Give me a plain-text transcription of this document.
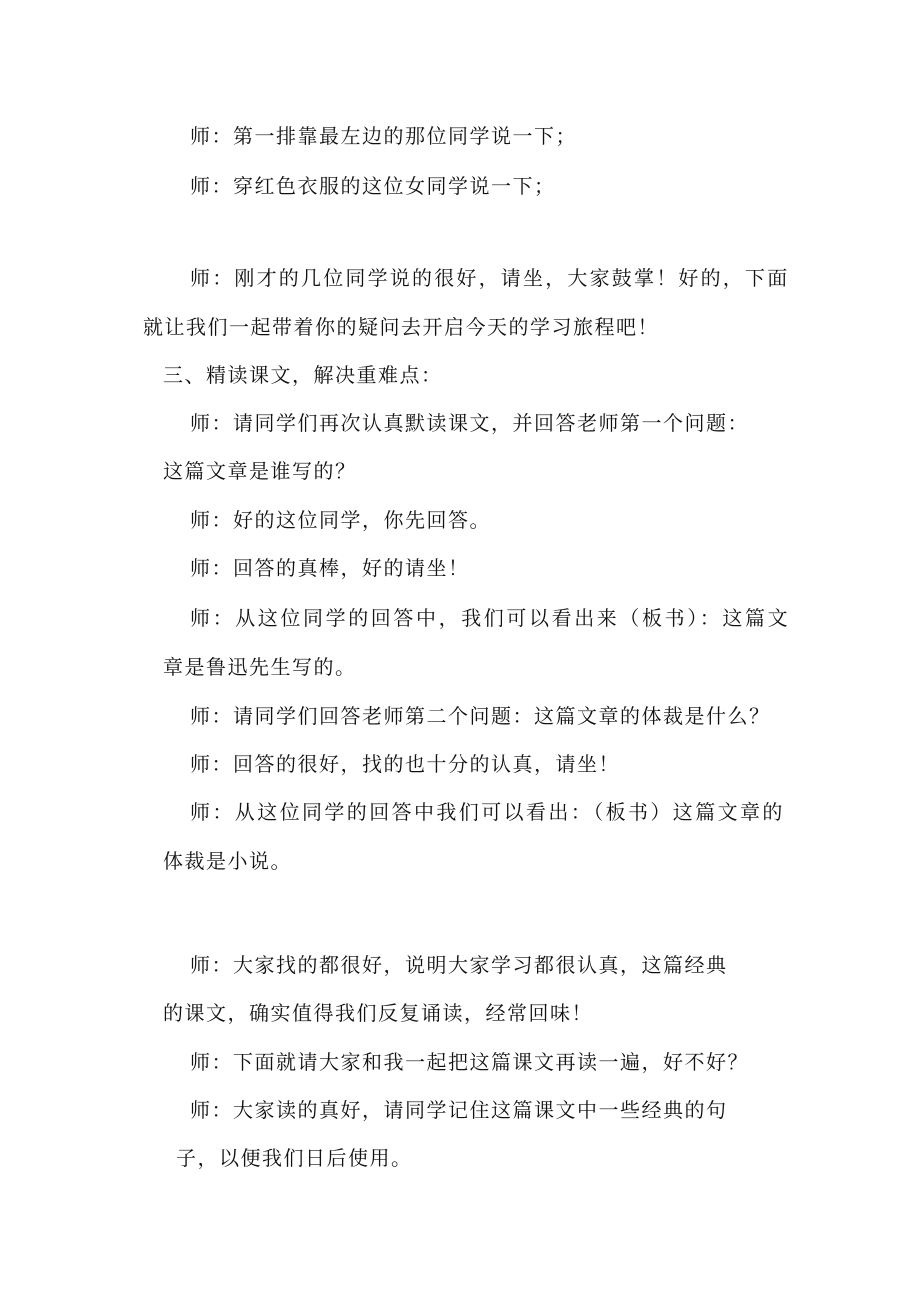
师：第一排靠最左边的那位同学说一下；

师：穿红色衣服的这位女同学说一下；

师：刚才的几位同学说的很好，请坐，大家鼓掌！好的，下面

就让我们一起带着你的疑问去开启今天的学习旅程吧！

三、精读课文，解决重难点：

师：请同学们再次认真默读课文，并回答老师第一个问题：

这篇文章是谁写的？

师：好的这位同学，你先回答。

师：回答的真棒，好的请坐！

师：从这位同学的回答中，我们可以看出来（板书）：这篇文

章是鲁迅先生写的。

师：请同学们回答老师第二个问题：这篇文章的体裁是什么？

师：回答的很好，找的也十分的认真，请坐！

师：从这位同学的回答中我们可以看出：（板书）这篇文章的

体裁是小说。

师：大家找的都很好，说明大家学习都很认真，这篇经典

的课文，确实值得我们反复诵读，经常回味！

师：下面就请大家和我一起把这篇课文再读一遍，好不好？

师：大家读的真好，请同学记住这篇课文中一些经典的句

子，以便我们日后使用。
